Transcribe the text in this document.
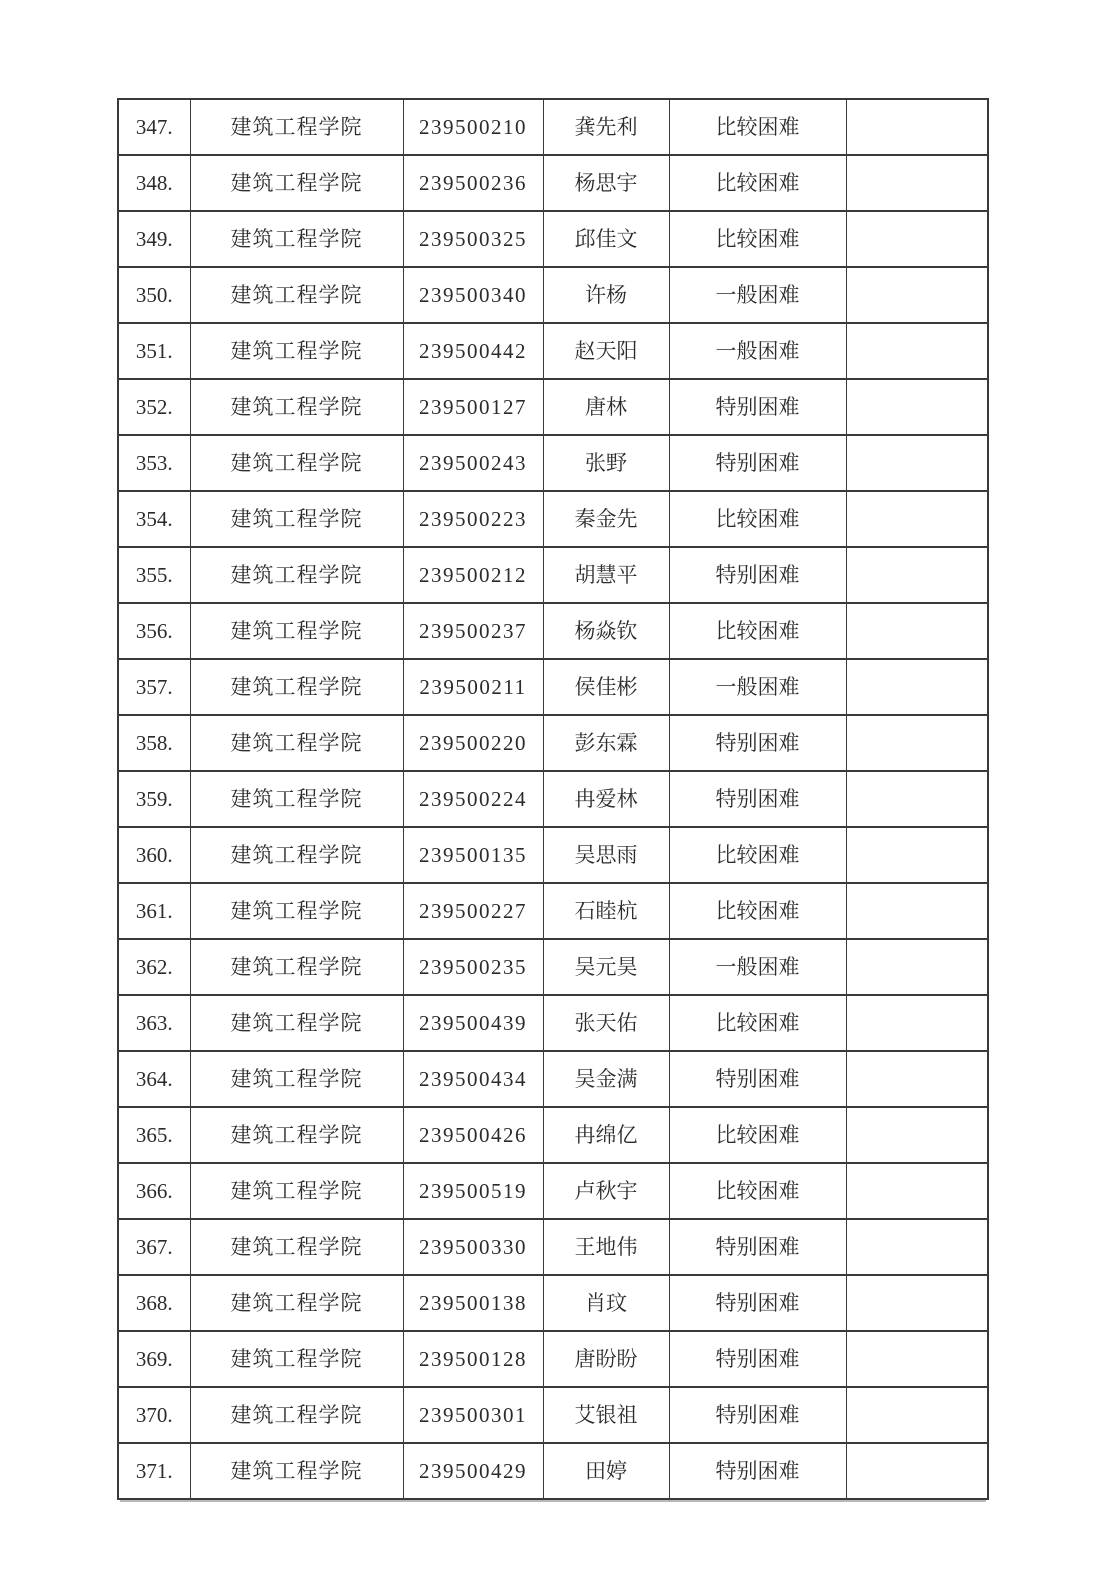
347.	建筑工程学院	239500210	龚先利	比较困难	
348.	建筑工程学院	239500236	杨思宇	比较困难	
349.	建筑工程学院	239500325	邱佳文	比较困难	
350.	建筑工程学院	239500340	许杨	一般困难	
351.	建筑工程学院	239500442	赵天阳	一般困难	
352.	建筑工程学院	239500127	唐林	特别困难	
353.	建筑工程学院	239500243	张野	特别困难	
354.	建筑工程学院	239500223	秦金先	比较困难	
355.	建筑工程学院	239500212	胡慧平	特别困难	
356.	建筑工程学院	239500237	杨焱钦	比较困难	
357.	建筑工程学院	239500211	侯佳彬	一般困难	
358.	建筑工程学院	239500220	彭东霖	特别困难	
359.	建筑工程学院	239500224	冉爱林	特别困难	
360.	建筑工程学院	239500135	吴思雨	比较困难	
361.	建筑工程学院	239500227	石睦杭	比较困难	
362.	建筑工程学院	239500235	吴元昊	一般困难	
363.	建筑工程学院	239500439	张天佑	比较困难	
364.	建筑工程学院	239500434	吴金满	特别困难	
365.	建筑工程学院	239500426	冉绵亿	比较困难	
366.	建筑工程学院	239500519	卢秋宇	比较困难	
367.	建筑工程学院	239500330	王地伟	特别困难	
368.	建筑工程学院	239500138	肖玟	特别困难	
369.	建筑工程学院	239500128	唐盼盼	特别困难	
370.	建筑工程学院	239500301	艾银祖	特别困难	
371.	建筑工程学院	239500429	田婷	特别困难	
